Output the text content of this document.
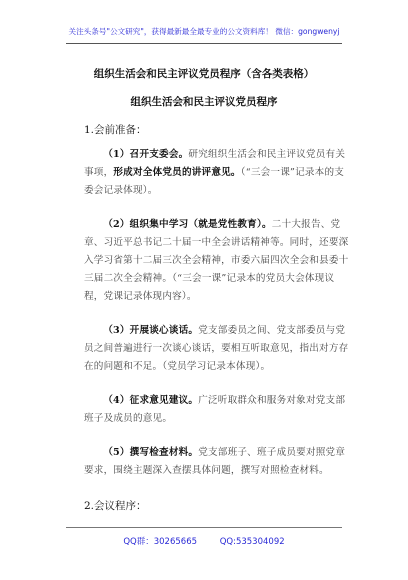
关注头条号"公文研究"，获得最新最全最专业的公文资料库！ 微信：gongwenyj
组织生活会和民主评议党员程序（含各类表格）
组织生活会和民主评议党员程序
1.会前准备：
（1）召开支委会。研究组织生活会和民主评议党员有关事项，形成对全体党员的讲评意见。（“三会一课”记录本的支委会记录体现）。
（2）组织集中学习（就是党性教育）。二十大报告、党章、习近平总书记二十届一中全会讲话精神等。同时，还要深入学习省第十二届三次全会精神，市委六届四次全会和县委十三届二次全会精神。（“三会一课”记录本的党员大会体现议程，党课记录体现内容）。
（3）开展谈心谈话。党支部委员之间、党支部委员与党员之间普遍进行一次谈心谈话，要相互听取意见，指出对方存在的问题和不足。（党员学习记录本体现）。
（4）征求意见建议。广泛听取群众和服务对象对党支部班子及成员的意见。
（5）撰写检查材料。党支部班子、班子成员要对照党章要求，围绕主题深入查摆具体问题，撰写对照检查材料。
2.会议程序：
QQ群：30265665	QQ:535304092
